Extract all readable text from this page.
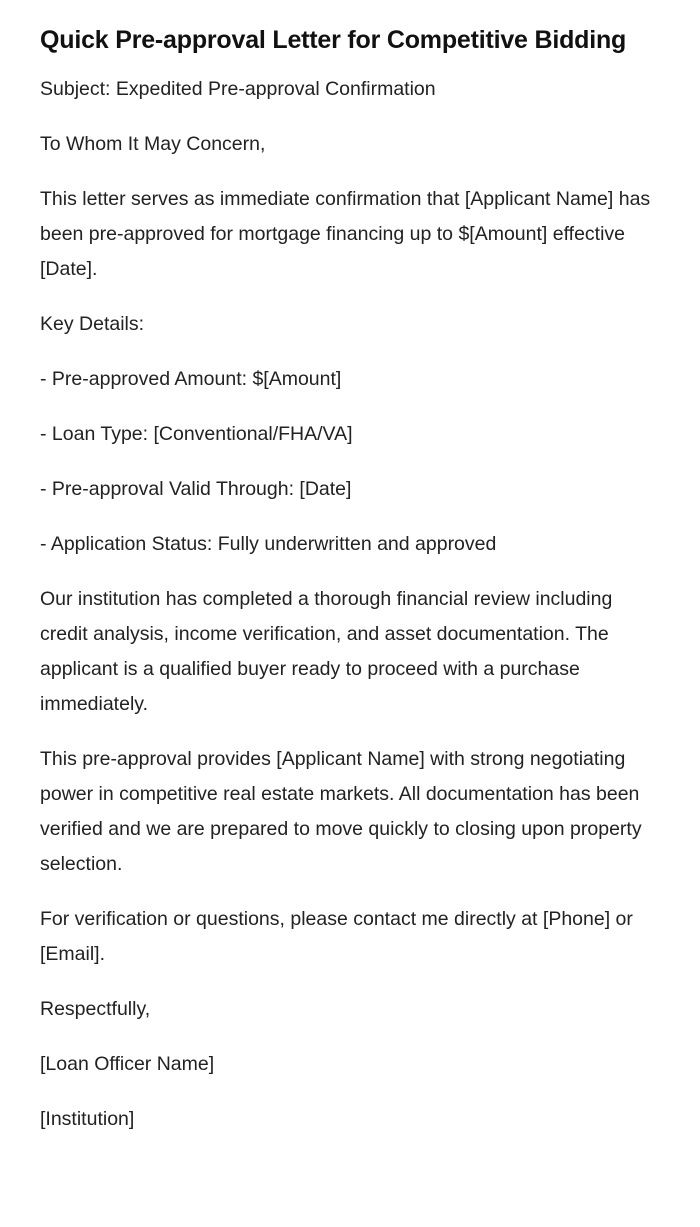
Quick Pre-approval Letter for Competitive Bidding

Subject: Expedited Pre-approval Confirmation

To Whom It May Concern,

This letter serves as immediate confirmation that [Applicant Name] has been pre-approved for mortgage financing up to $[Amount] effective [Date].

Key Details:

- Pre-approved Amount: $[Amount]

- Loan Type: [Conventional/FHA/VA]

- Pre-approval Valid Through: [Date]

- Application Status: Fully underwritten and approved

Our institution has completed a thorough financial review including credit analysis, income verification, and asset documentation. The applicant is a qualified buyer ready to proceed with a purchase immediately.

This pre-approval provides [Applicant Name] with strong negotiating power in competitive real estate markets. All documentation has been verified and we are prepared to move quickly to closing upon property selection.

For verification or questions, please contact me directly at [Phone] or [Email].

Respectfully,

[Loan Officer Name]

[Institution]
